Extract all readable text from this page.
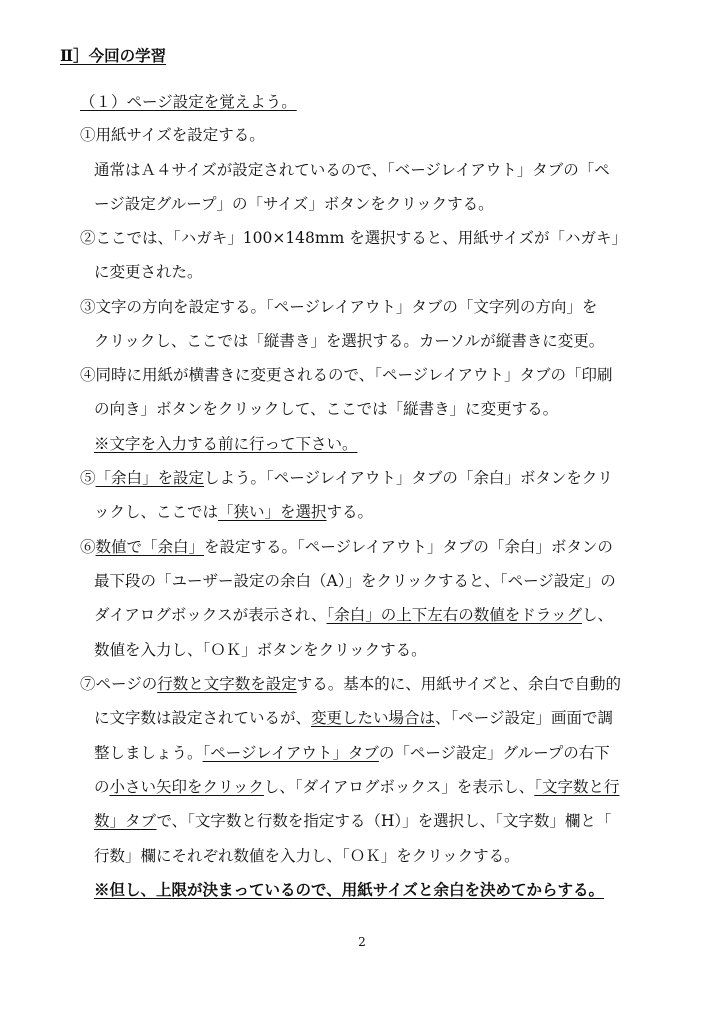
Ⅱ］今回の学習

（１）ページ設定を覚えよう。

①用紙サイズを設定する。

通常はＡ４サイズが設定されているので、「ベージレイアウト」タブの「ペ

ージ設定グループ」の「サイズ」ボタンをクリックする。

②ここでは、「ハガキ」100×148mm を選択すると、用紙サイズが「ハガキ」

に変更された。

③文字の方向を設定する。「ページレイアウト」タブの「文字列の方向」を

クリックし、ここでは「縦書き」を選択する。カーソルが縦書きに変更。

④同時に用紙が横書きに変更されるので、「ページレイアウト」タブの「印刷

の向き」ボタンをクリックして、ここでは「縦書き」に変更する。

※文字を入力する前に行って下さい。

⑤「余白」を設定しよう。「ページレイアウト」タブの「余白」ボタンをクリ

ックし、ここでは「狭い」を選択する。

⑥数値で「余白」を設定する。「ページレイアウト」タブの「余白」ボタンの

最下段の「ユーザー設定の余白（A）」をクリックすると、「ページ設定」の

ダイアログボックスが表示され、「余白」の上下左右の数値をドラッグし、

数値を入力し、「ＯＫ」ボタンをクリックする。

⑦ページの行数と文字数を設定する。基本的に、用紙サイズと、余白で自動的

に文字数は設定されているが、変更したい場合は、「ページ設定」画面で調

整しましょう。「ページレイアウト」タブの「ページ設定」グループの右下

の小さい矢印をクリックし、「ダイアログボックス」を表示し、「文字数と行

数」タブで、「文字数と行数を指定する（H）」を選択し、「文字数」欄と「

行数」欄にそれぞれ数値を入力し、「ＯＫ」をクリックする。

※但し、上限が決まっているので、用紙サイズと余白を決めてからする。

2
